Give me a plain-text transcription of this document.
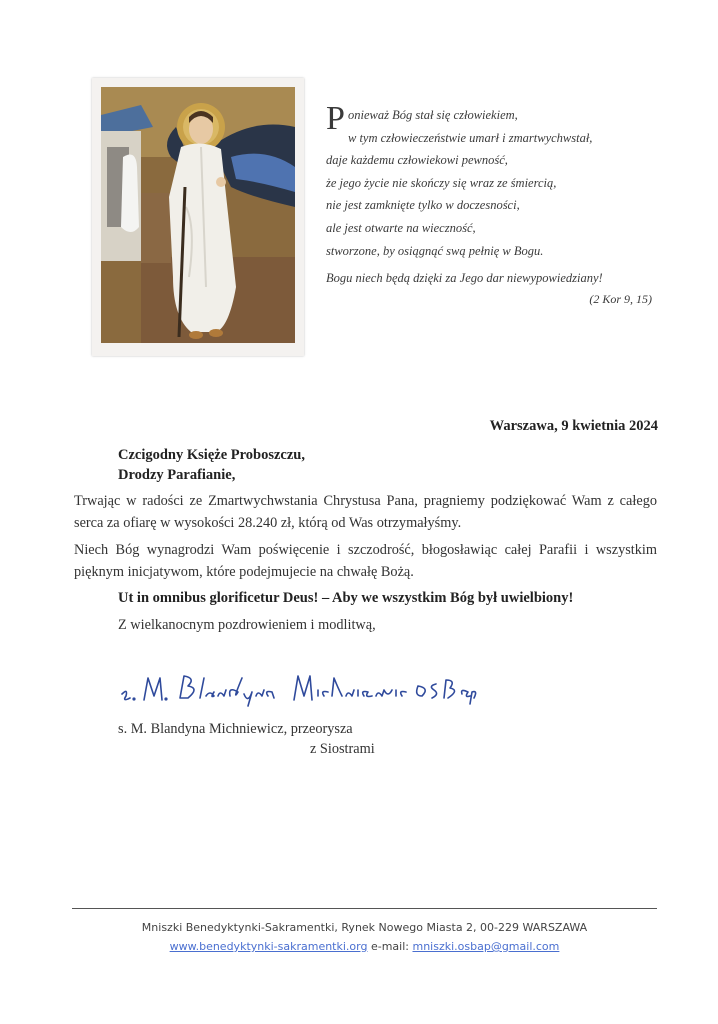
P onieważ Bóg stał się człowiekiem,
w tym człowieczeństwie umarł i zmartwychwstał,
daje każdemu człowiekowi pewność,
że jego życie nie skończy się wraz ze śmiercią,
nie jest zamknięte tylko w doczesności,
ale jest otwarte na wieczność,
stworzone, by osiągnąć swą pełnię w Bogu.
Bogu niech będą dzięki za Jego dar niewypowiedziany!
(2 Kor 9, 15)
Warszawa, 9 kwietnia 2024
Czcigodny Księże Proboszczu,
Drodzy Parafianie,
Trwając w radości ze Zmartwychwstania Chrystusa Pana, pragniemy podziękować Wam z całego serca za ofiarę w wysokości 28.240 zł, którą od Was otrzymałyśmy.
Niech Bóg wynagrodzi Wam poświęcenie i szczodrość, błogosławiąc całej Parafii i wszystkim pięknym inicjatywom, które podejmujecie na chwałę Bożą.
Ut in omnibus glorificetur Deus! – Aby we wszystkim Bóg był uwielbiony!
Z wielkanocnym pozdrowieniem i modlitwą,
s. M. Blandyna Michniewicz, przeorysza
z Siostrami
Mniszki Benedyktynki-Sakramentki, Rynek Nowego Miasta 2, 00-229 WARSZAWA
www.benedyktynki-sakramentki.org e-mail: mniszki.osbap@gmail.com
